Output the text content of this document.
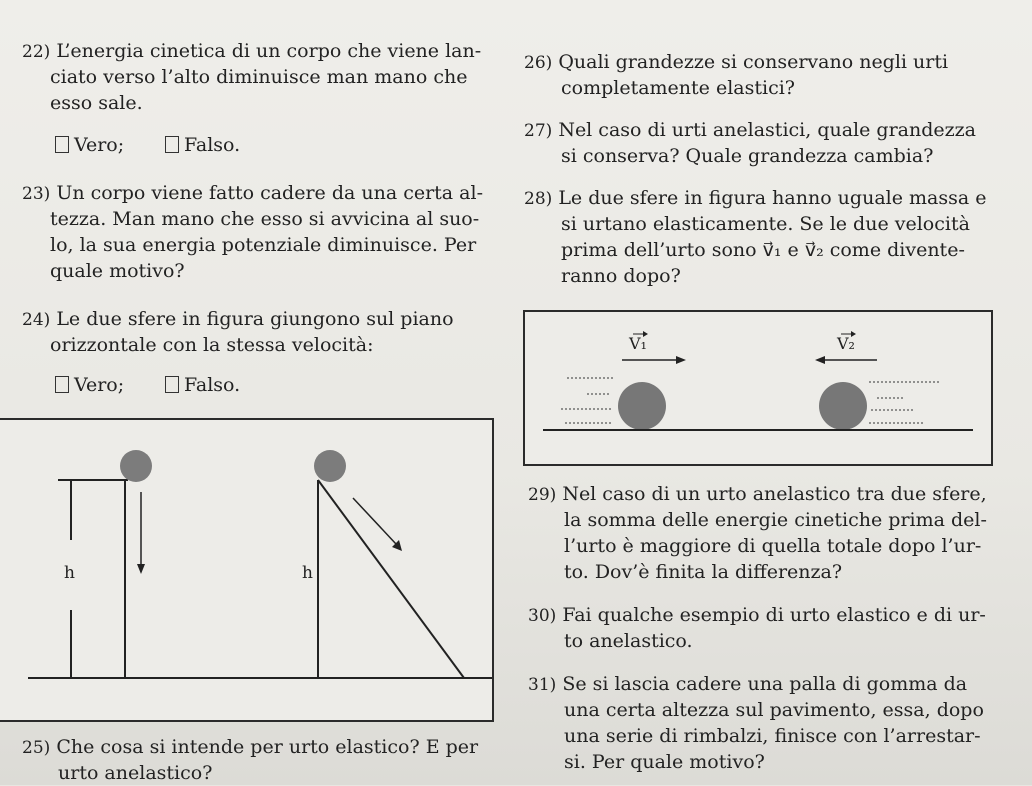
22) L’energia cinetica di un corpo che viene lan-
ciato verso l’alto diminuisce man mano che
esso sale.
Vero;	Falso.
23) Un corpo viene fatto cadere da una certa al-
tezza. Man mano che esso si avvicina al suo-
lo, la sua energia potenziale diminuisce. Per
quale motivo?
24) Le due sfere in figura giungono sul piano
orizzontale con la stessa velocità:
Vero;	Falso.
h	h
25) Che cosa si intende per urto elastico? E per
urto anelastico?
26) Quali grandezze si conservano negli urti
completamente elastici?
27) Nel caso di urti anelastici, quale grandezza
si conserva? Quale grandezza cambia?
28) Le due sfere in figura hanno uguale massa e
si urtano elasticamente. Se le due velocità
prima dell’urto sono v⃗₁ e v⃗₂ come divente-
ranno dopo?
V₁	V₂
29) Nel caso di un urto anelastico tra due sfere,
la somma delle energie cinetiche prima del-
l’urto è maggiore di quella totale dopo l’ur-
to. Dov’è finita la differenza?
30) Fai qualche esempio di urto elastico e di ur-
to anelastico.
31) Se si lascia cadere una palla di gomma da
una certa altezza sul pavimento, essa, dopo
una serie di rimbalzi, finisce con l’arrestar-
si. Per quale motivo?
